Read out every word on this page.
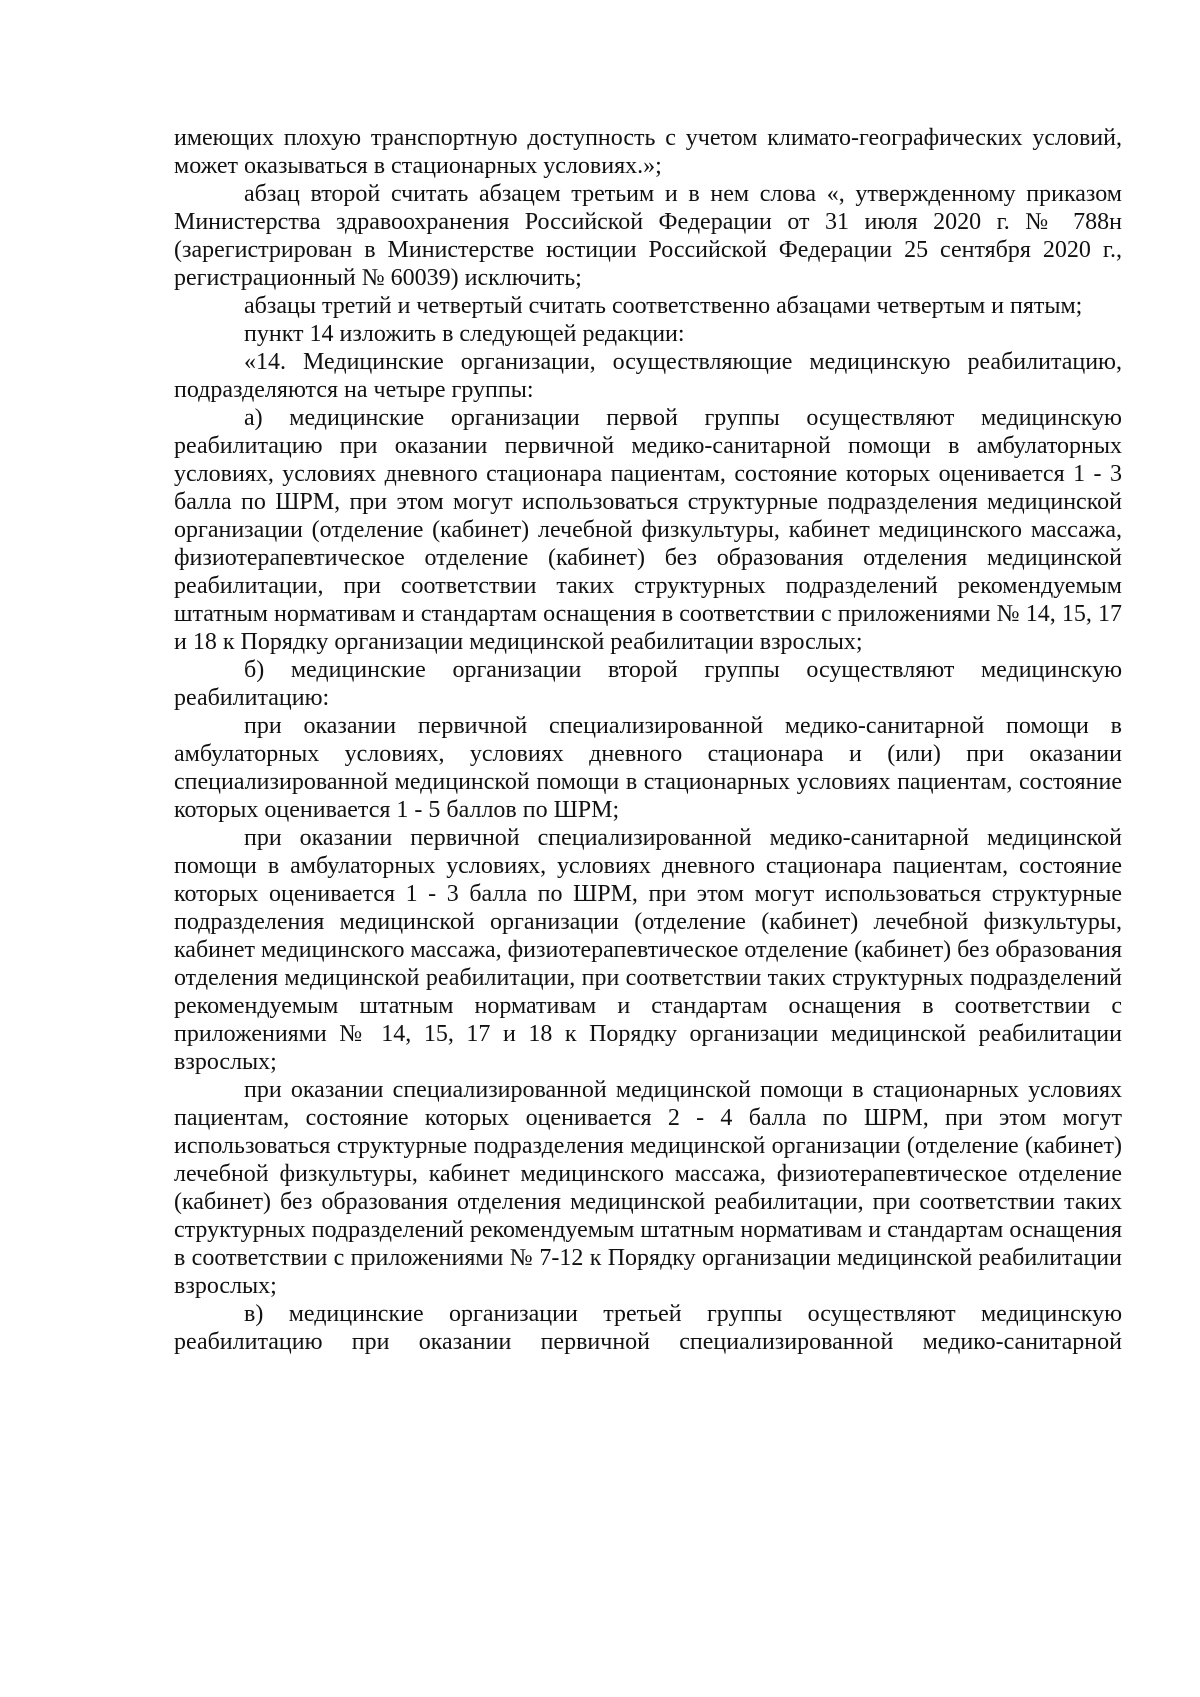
имеющих плохую транспортную доступность с учетом климато-географических условий, может оказываться в стационарных условиях.»;

абзац второй считать абзацем третьим и в нем слова «, утвержденному приказом Министерства здравоохранения Российской Федерации от 31 июля 2020 г. № 788н (зарегистрирован в Министерстве юстиции Российской Федерации 25 сентября 2020 г., регистрационный № 60039) исключить;

абзацы третий и четвертый считать соответственно абзацами четвертым и пятым;

пункт 14 изложить в следующей редакции:

«14. Медицинские организации, осуществляющие медицинскую реабилитацию, подразделяются на четыре группы:

а) медицинские организации первой группы осуществляют медицинскую реабилитацию при оказании первичной медико-санитарной помощи в амбулаторных условиях, условиях дневного стационара пациентам, состояние которых оценивается 1 - 3 балла по ШРМ, при этом могут использоваться структурные подразделения медицинской организации (отделение (кабинет) лечебной физкультуры, кабинет медицинского массажа, физиотерапевтическое отделение (кабинет) без образования отделения медицинской реабилитации, при соответствии таких структурных подразделений рекомендуемым штатным нормативам и стандартам оснащения в соответствии с приложениями № 14, 15, 17 и 18 к Порядку организации медицинской реабилитации взрослых;

б) медицинские организации второй группы осуществляют медицинскую реабилитацию:

при оказании первичной специализированной медико-санитарной помощи в амбулаторных условиях, условиях дневного стационара и (или) при оказании специализированной медицинской помощи в стационарных условиях пациентам, состояние которых оценивается 1 - 5 баллов по ШРМ;

при оказании первичной специализированной медико-санитарной медицинской помощи в амбулаторных условиях, условиях дневного стационара пациентам, состояние которых оценивается 1 - 3 балла по ШРМ, при этом могут использоваться структурные подразделения медицинской организации (отделение (кабинет) лечебной физкультуры, кабинет медицинского массажа, физиотерапевтическое отделение (кабинет) без образования отделения медицинской реабилитации, при соответствии таких структурных подразделений рекомендуемым штатным нормативам и стандартам оснащения в соответствии с приложениями № 14, 15, 17 и 18 к Порядку организации медицинской реабилитации взрослых;

при оказании специализированной медицинской помощи в стационарных условиях пациентам, состояние которых оценивается 2 - 4 балла по ШРМ, при этом могут использоваться структурные подразделения медицинской организации (отделение (кабинет) лечебной физкультуры, кабинет медицинского массажа, физиотерапевтическое отделение (кабинет) без образования отделения медицинской реабилитации, при соответствии таких структурных подразделений рекомендуемым штатным нормативам и стандартам оснащения в соответствии с приложениями № 7-12 к Порядку организации медицинской реабилитации взрослых;

в) медицинские организации третьей группы осуществляют медицинскую реабилитацию при оказании первичной специализированной медико-санитарной
